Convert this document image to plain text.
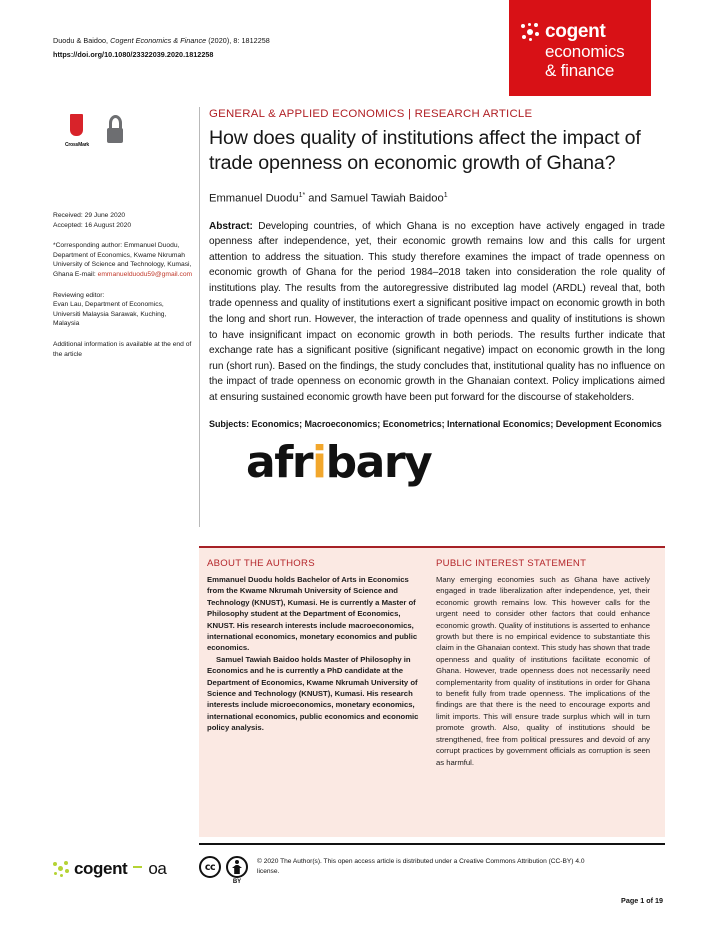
cogent
economics
& finance
Duodu & Baidoo, Cogent Economics & Finance (2020), 8: 1812258
https://doi.org/10.1080/23322039.2020.1812258
CrossMark
Received: 29 June 2020
Accepted: 16 August 2020
*Corresponding author: Emmanuel Duodu, Department of Economics, Kwame Nkrumah University of Science and Technology, Kumasi, Ghana E-mail: emmanuelduodu59@gmail.com
Reviewing editor:
Evan Lau, Department of Economics, Universiti Malaysia Sarawak, Kuching, Malaysia
Additional information is available at the end of the article
GENERAL & APPLIED ECONOMICS | RESEARCH ARTICLE
How does quality of institutions affect the impact of trade openness on economic growth of Ghana?
Emmanuel Duodu$^{1*}$ and Samuel Tawiah Baidoo$^1$
Abstract: Developing countries, of which Ghana is no exception have actively engaged in trade openness after independence, yet, their economic growth remains low and this calls for urgent attention to address the situation. This study therefore examines the impact of trade openness on economic growth of Ghana for the period 1984–2018 taken into consideration the role quality of institutions play. The results from the autoregressive distributed lag model (ARDL) reveal that, both trade openness and quality of institutions exert a significant positive impact on economic growth in both the long and short run. However, the interaction of trade openness and quality of institutions is shown to have insignificant impact on economic growth in both periods. The results further indicate that exchange rate has a significant positive (significant negative) impact on economic growth in the long run (short run). Based on the findings, the study concludes that, institutional quality has no influence on the impact of trade openness on economic growth in the Ghanaian context. Policy implications aimed at ensuring sustained economic growth have been put forward for the discourse of stakeholders.
Subjects: Economics; Macroeconomics; Econometrics; International Economics; Development Economics
afribary
ABOUT THE AUTHORS

Emmanuel Duodu holds Bachelor of Arts in Economics from the Kwame Nkrumah University of Science and Technology (KNUST), Kumasi. He is currently a Master of Philosophy student at the Department of Economics, KNUST. His research interests include macroeconomics, international economics, monetary economics and public economics.

Samuel Tawiah Baidoo holds Master of Philosophy in Economics and he is currently a PhD candidate at the Department of Economics, Kwame Nkrumah University of Science and Technology (KNUST), Kumasi. His research interests include microeconomics, monetary economics, international economics, public economics and economic policy analysis.

PUBLIC INTEREST STATEMENT

Many emerging economies such as Ghana have actively engaged in trade liberalization after independence, yet, their economic growth remains low. This however calls for the urgent need to consider other factors that could enhance economic growth. Quality of institutions is asserted to enhance growth but there is no empirical evidence to substantiate this claim in the Ghanaian context. This study has shown that trade openness and quality of institutions facilitate economic of Ghana. However, trade openness does not necessarily need complementarity from quality of institutions in order for Ghana to benefit fully from trade openness. The implications of the findings are that there is the need to encourage exports and limit imports. This will ensure trade surplus which will in turn promote growth. Also, quality of institutions should be strengthened, free from political pressures and devoid of any corrupt practices by government officials as corruption is seen as harmful.

cogent oa	cc
BY
© 2020 The Author(s). This open access article is distributed under a Creative Commons Attribution (CC-BY) 4.0 license.
Page 1 of 19
